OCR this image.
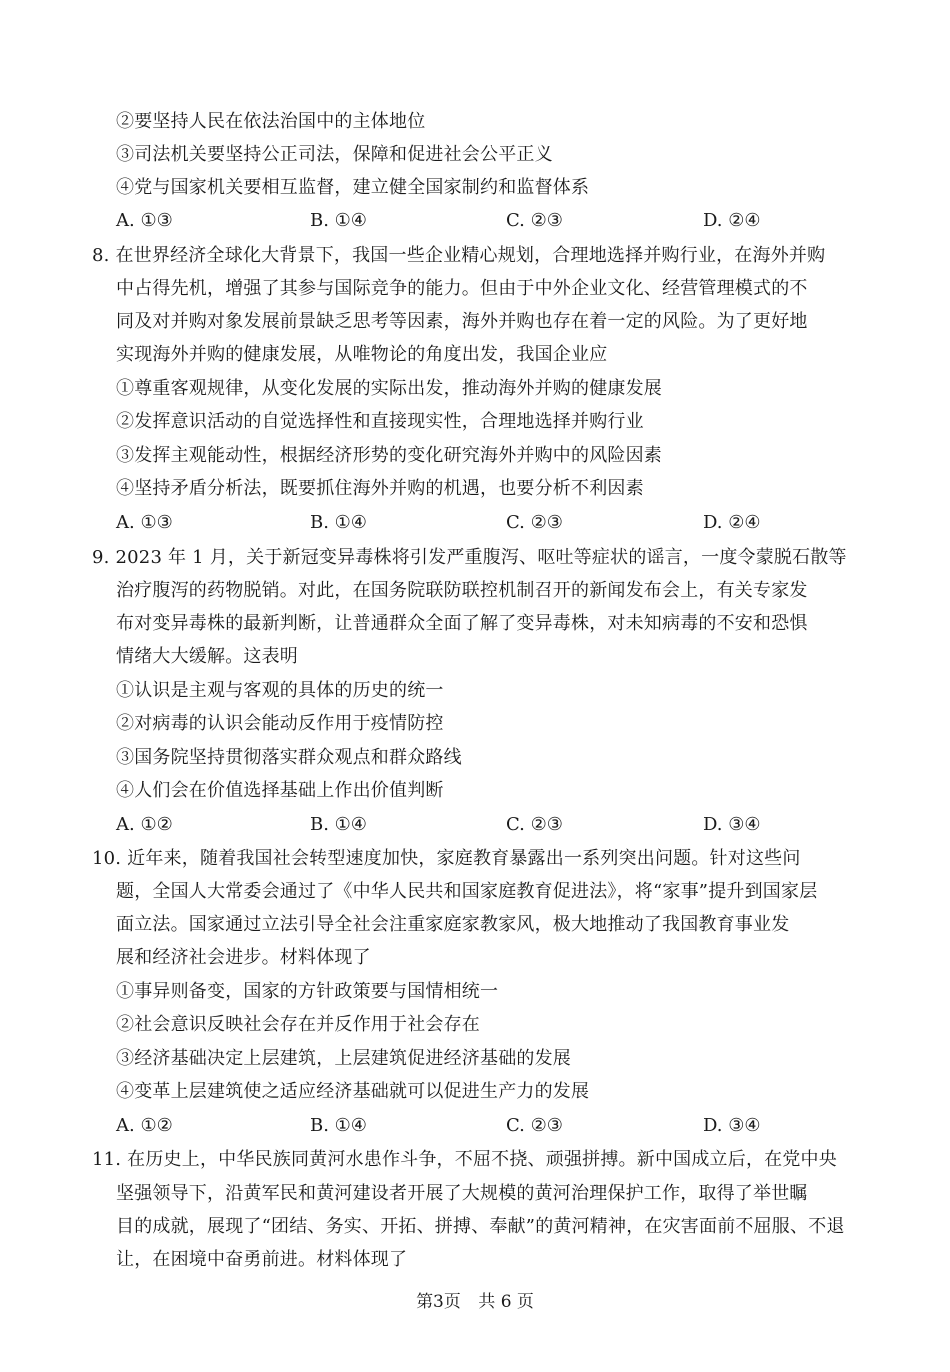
②要坚持人民在依法治国中的主体地位
③司法机关要坚持公正司法，保障和促进社会公平正义
④党与国家机关要相互监督，建立健全国家制约和监督体系
A. ①③	B. ①④	C. ②③	D. ②④
8. 在世界经济全球化大背景下，我国一些企业精心规划，合理地选择并购行业，在海外并购
中占得先机，增强了其参与国际竞争的能力。但由于中外企业文化、经营管理模式的不
同及对并购对象发展前景缺乏思考等因素，海外并购也存在着一定的风险。为了更好地
实现海外并购的健康发展，从唯物论的角度出发，我国企业应
①尊重客观规律，从变化发展的实际出发，推动海外并购的健康发展
②发挥意识活动的自觉选择性和直接现实性，合理地选择并购行业
③发挥主观能动性，根据经济形势的变化研究海外并购中的风险因素
④坚持矛盾分析法，既要抓住海外并购的机遇，也要分析不利因素
A. ①③	B. ①④	C. ②③	D. ②④
9. 2023 年 1 月，关于新冠变异毒株将引发严重腹泻、呕吐等症状的谣言，一度令蒙脱石散等
治疗腹泻的药物脱销。对此，在国务院联防联控机制召开的新闻发布会上，有关专家发
布对变异毒株的最新判断，让普通群众全面了解了变异毒株，对未知病毒的不安和恐惧
情绪大大缓解。这表明
①认识是主观与客观的具体的历史的统一
②对病毒的认识会能动反作用于疫情防控
③国务院坚持贯彻落实群众观点和群众路线
④人们会在价值选择基础上作出价值判断
A. ①②	B. ①④	C. ②③	D. ③④
10. 近年来，随着我国社会转型速度加快，家庭教育暴露出一系列突出问题。针对这些问
题，全国人大常委会通过了《中华人民共和国家庭教育促进法》，将“家事”提升到国家层
面立法。国家通过立法引导全社会注重家庭家教家风，极大地推动了我国教育事业发
展和经济社会进步。材料体现了
①事异则备变，国家的方针政策要与国情相统一
②社会意识反映社会存在并反作用于社会存在
③经济基础决定上层建筑，上层建筑促进经济基础的发展
④变革上层建筑使之适应经济基础就可以促进生产力的发展
A. ①②	B. ①④	C. ②③	D. ③④
11. 在历史上，中华民族同黄河水患作斗争，不屈不挠、顽强拼搏。新中国成立后，在党中央
坚强领导下，沿黄军民和黄河建设者开展了大规模的黄河治理保护工作，取得了举世瞩
目的成就，展现了“团结、务实、开拓、拼搏、奉献”的黄河精神，在灾害面前不屈服、不退
让，在困境中奋勇前进。材料体现了
第3页 共 6 页
